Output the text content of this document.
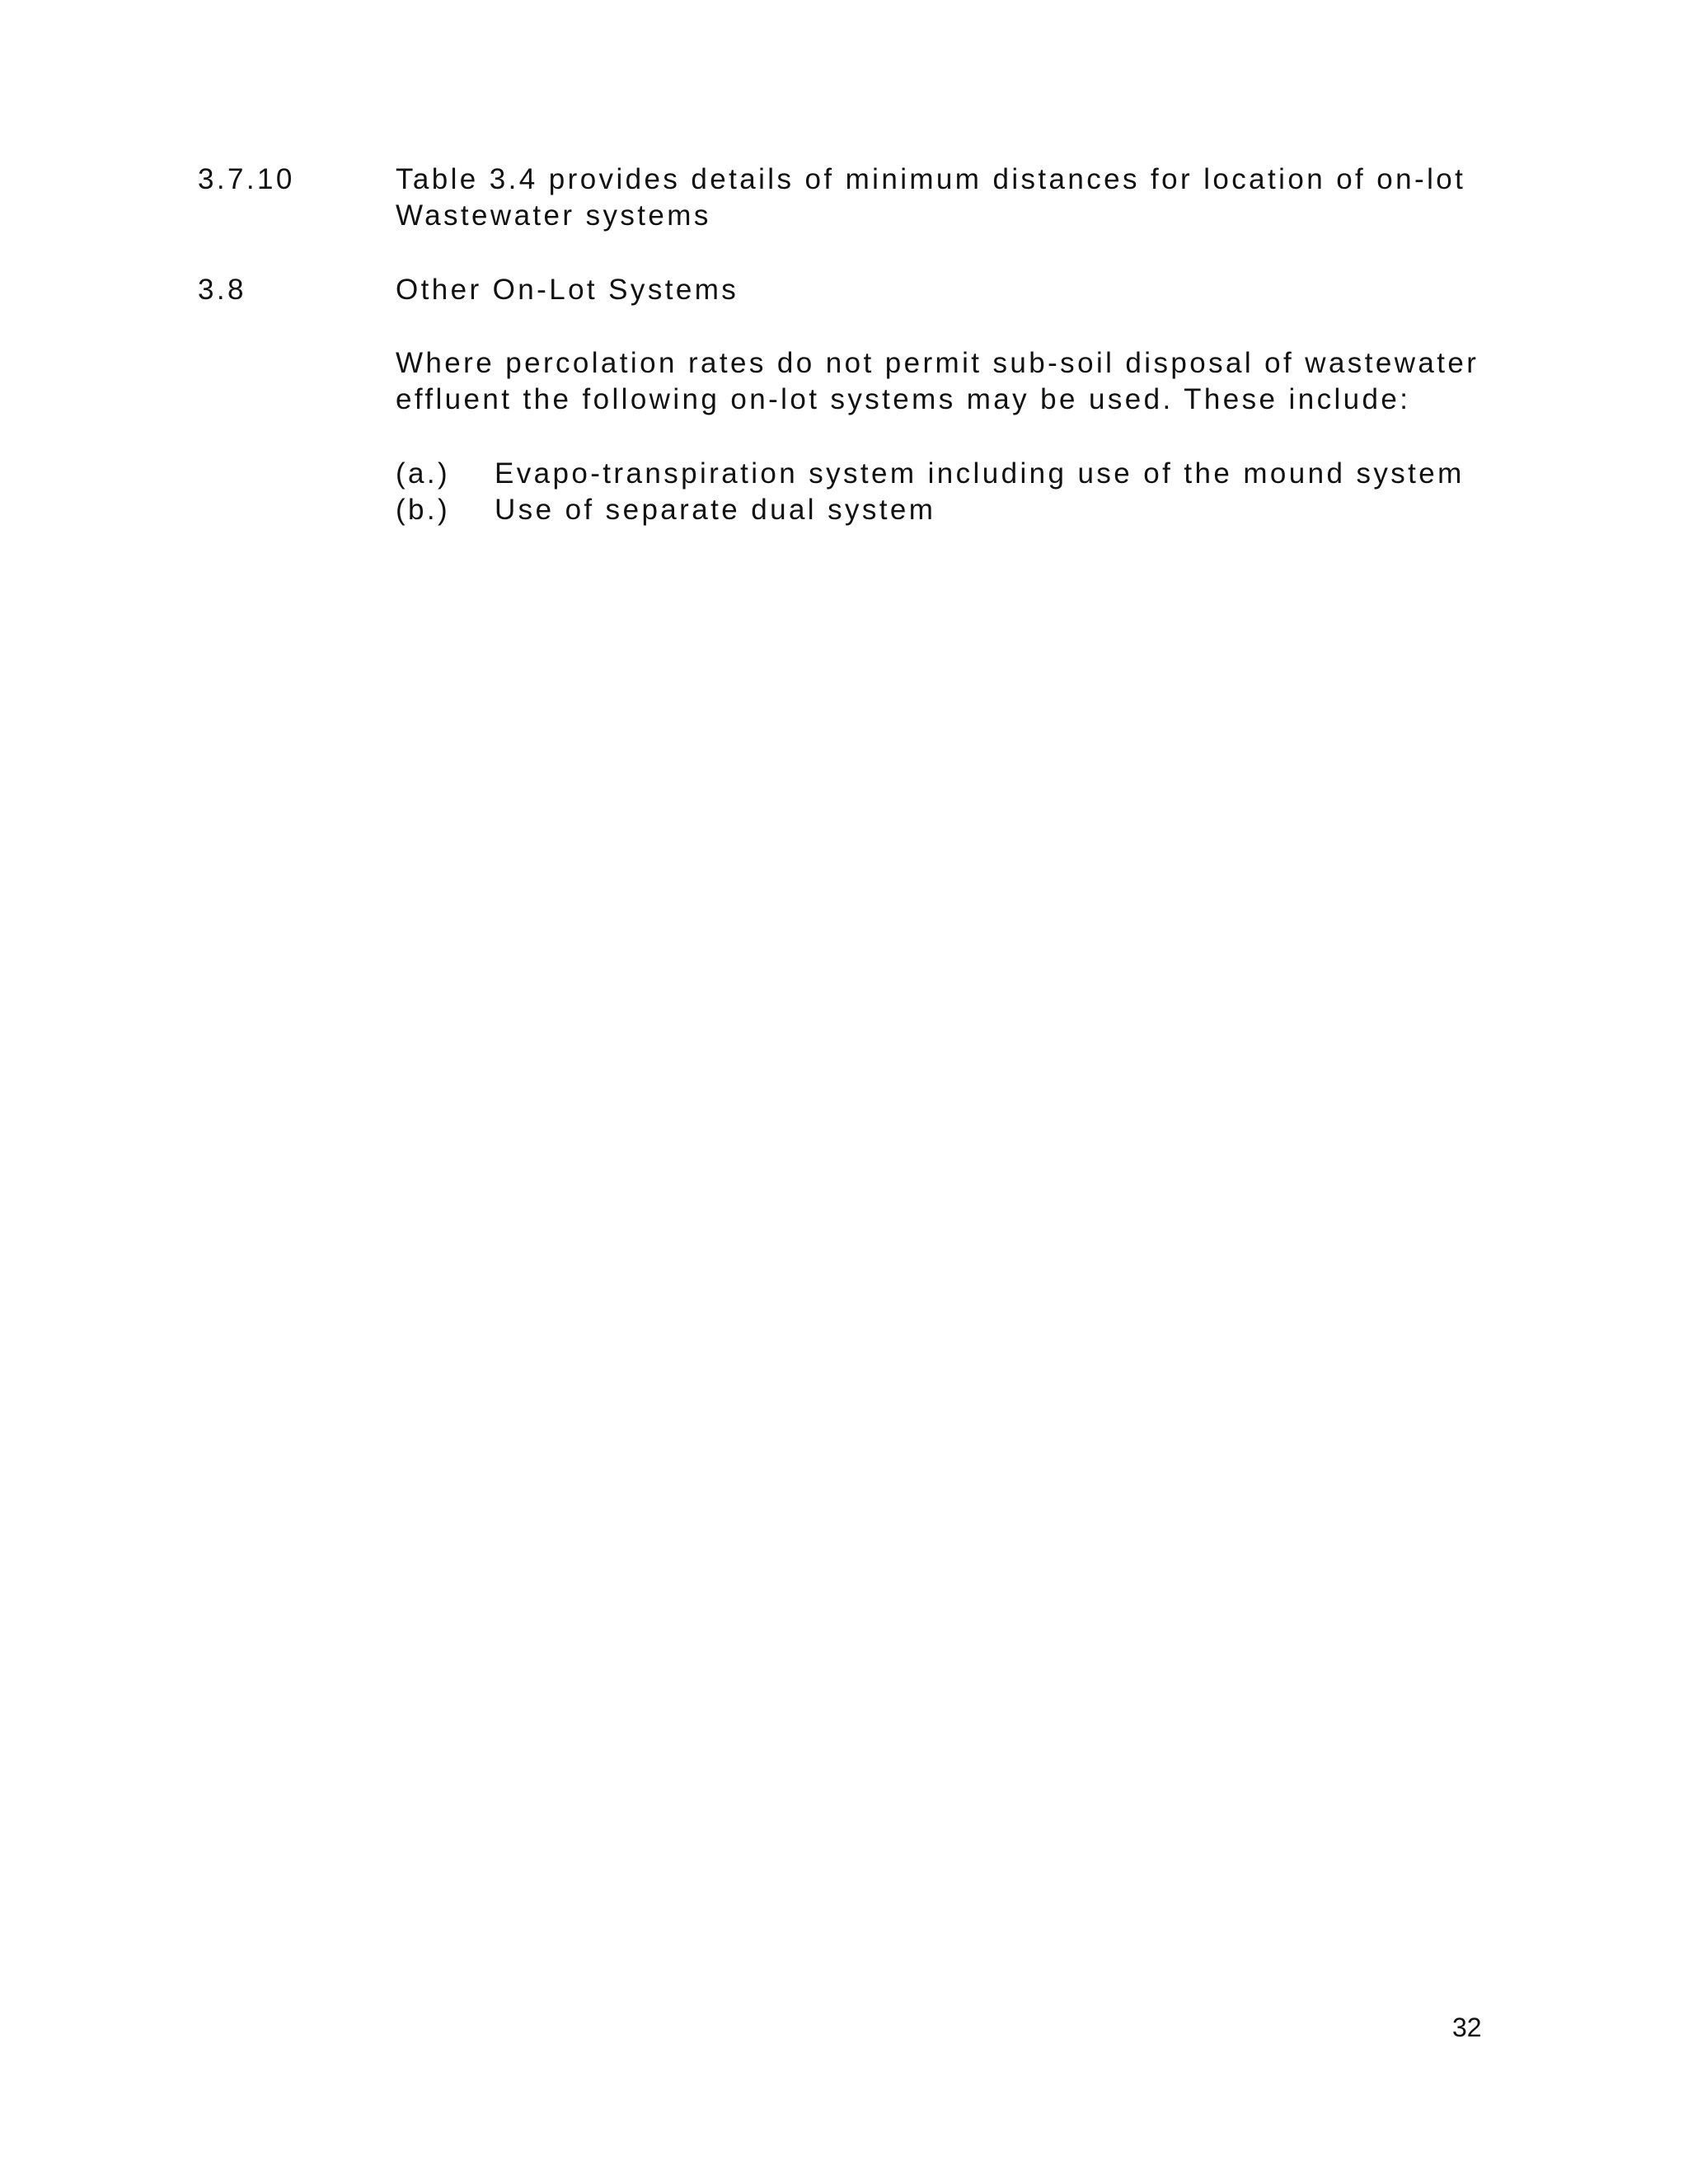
3.7.10	Table 3.4 provides details of minimum distances for location of on-lot
Wastewater systems
3.8	Other On-Lot Systems
Where percolation rates do not permit sub-soil disposal of wastewater
effluent the following on-lot systems may be used. These include:
(a.) Evapo-transpiration system including use of the mound system
(b.) Use of separate dual system
32
